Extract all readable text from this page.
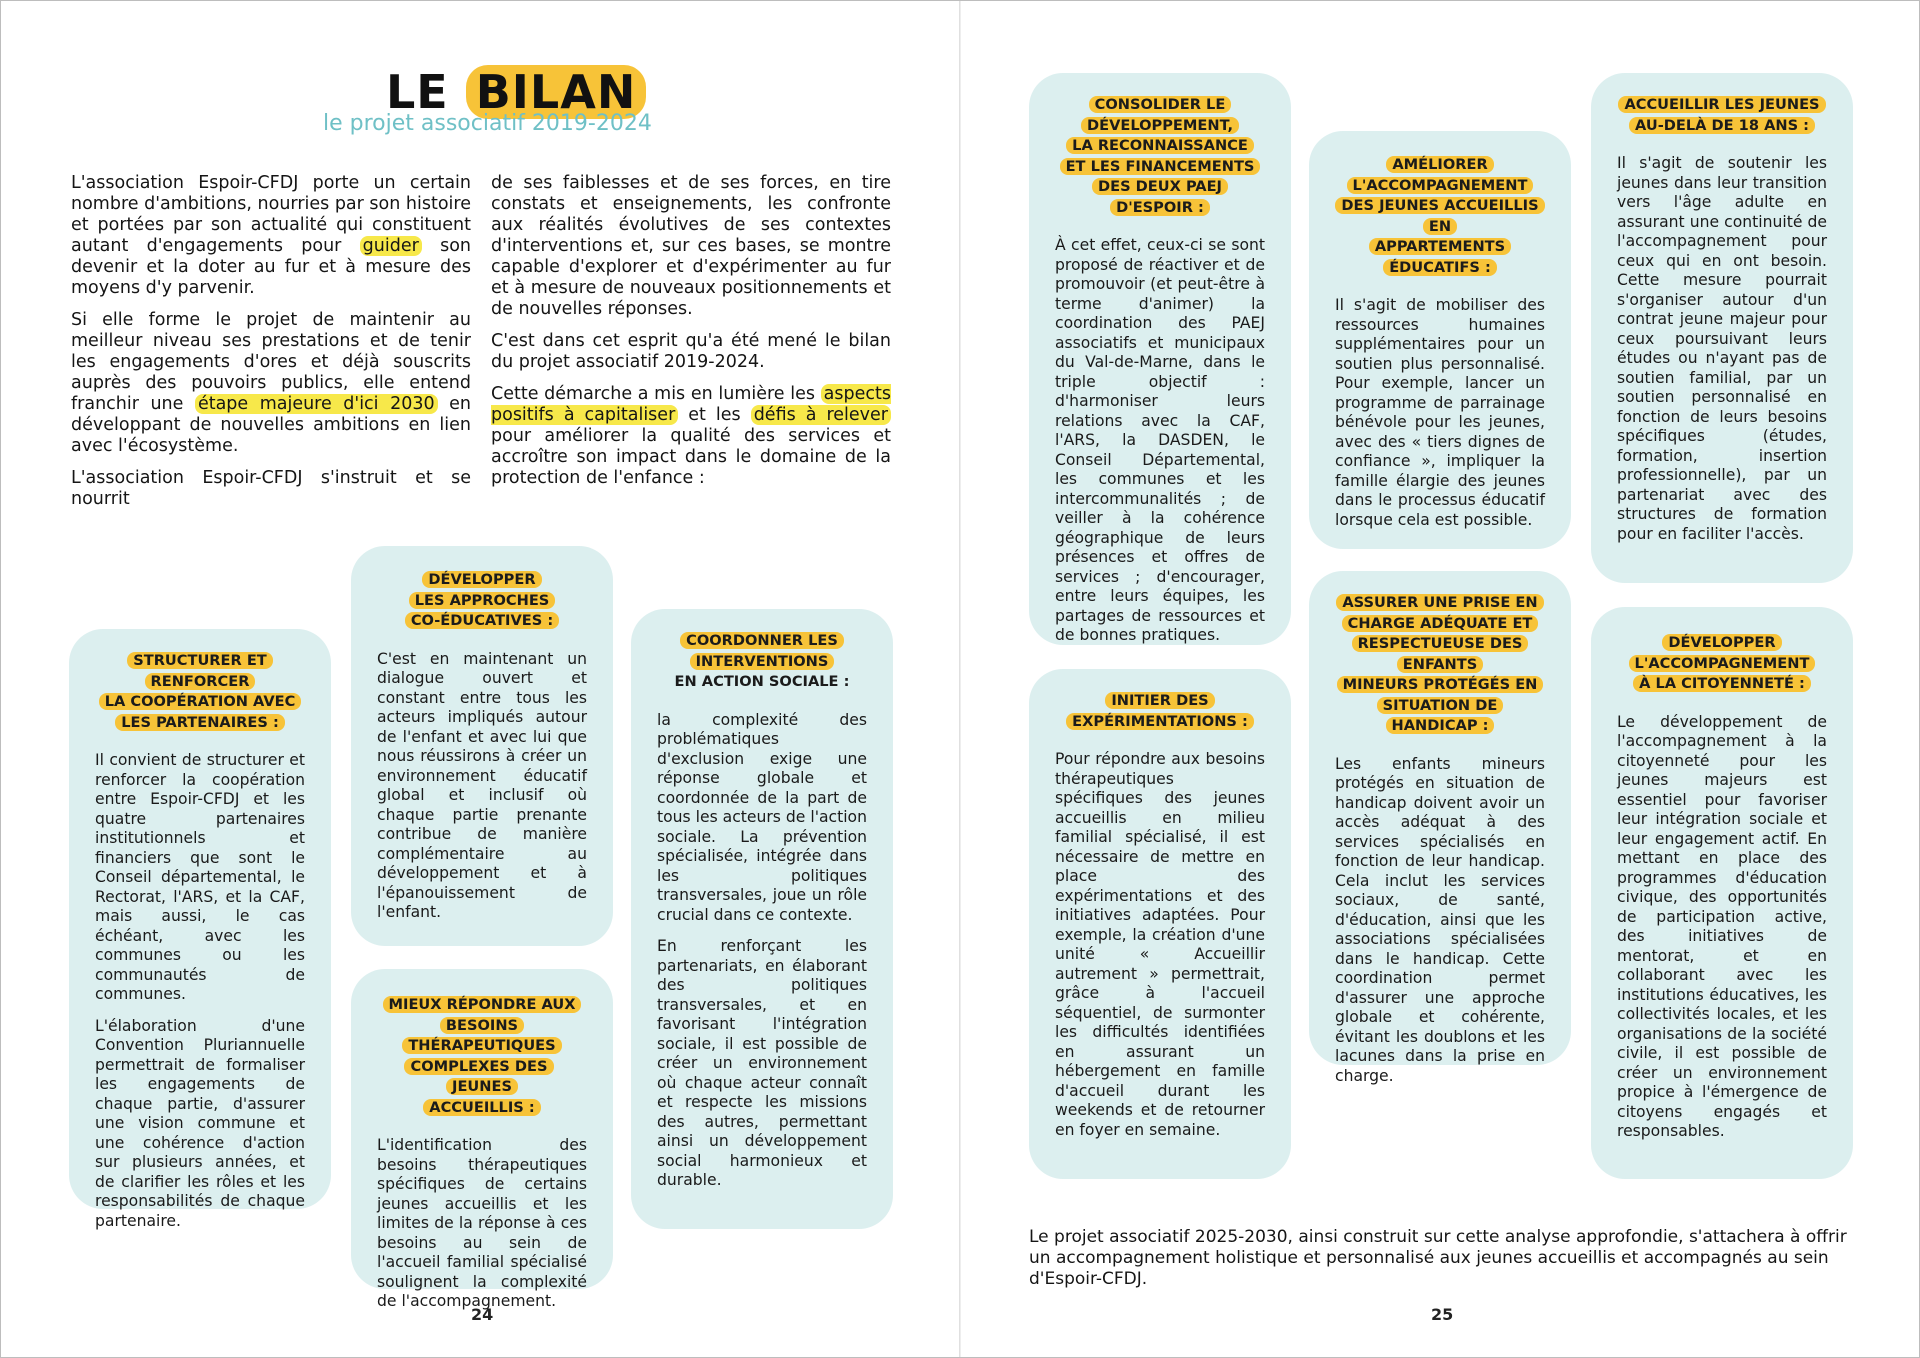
LE BILAN
le projet associatif 2019-2024

L'association Espoir-CFDJ porte un certain nombre d'ambitions, nourries par son histoire et portées par son actualité qui constituent autant d'engagements pour guider son devenir et la doter au fur et à mesure des moyens d'y parvenir.

Si elle forme le projet de maintenir au meilleur niveau ses prestations et de tenir les engagements d'ores et déjà souscrits auprès des pouvoirs publics, elle entend franchir une étape majeure d'ici 2030 en développant de nouvelles ambitions en lien avec l'écosystème.

L'association Espoir-CFDJ s'instruit et se nourrit

de ses faiblesses et de ses forces, en tire constats et enseignements, les confronte aux réalités évolutives de ses contextes d'interventions et, sur ces bases, se montre capable d'explorer et d'expérimenter au fur et à mesure de nouveaux positionnements et de nouvelles réponses.

C'est dans cet esprit qu'a été mené le bilan du projet associatif 2019-2024.

Cette démarche a mis en lumière les aspects positifs à capitaliser et les défis à relever pour améliorer la qualité des services et accroître son impact dans le domaine de la protection de l'enfance :

STRUCTURER ET RENFORCER
LA COOPÉRATION AVEC
LES PARTENAIRES :

Il convient de structurer et renforcer la coopération entre Espoir-CFDJ et les quatre partenaires institutionnels et financiers que sont le Conseil départemental, le Rectorat, l'ARS, et la CAF, mais aussi, le cas échéant, avec les communes ou les communautés de communes.

L'élaboration d'une Convention Pluriannuelle permettrait de formaliser les engagements de chaque partie, d'assurer une vision commune et une cohérence d'action sur plusieurs années, et de clarifier les rôles et les responsabilités de chaque partenaire.

DÉVELOPPER
LES APPROCHES
CO-ÉDUCATIVES :

C'est en maintenant un dialogue ouvert et constant entre tous les acteurs impliqués autour de l'enfant et avec lui que nous réussirons à créer un environnement éducatif global et inclusif où chaque partie prenante contribue de manière complémentaire au développement et à l'épanouissement de l'enfant.

MIEUX RÉPONDRE AUX
BESOINS THÉRAPEUTIQUES
COMPLEXES DES JEUNES
ACCUEILLIS :

L'identification des besoins thérapeutiques spécifiques de certains jeunes accueillis et les limites de la réponse à ces besoins au sein de l'accueil familial spécialisé soulignent la complexité de l'accompagnement.

COORDONNER LES
INTERVENTIONS
EN ACTION SOCIALE :

la complexité des problématiques d'exclusion exige une réponse globale et coordonnée de la part de tous les acteurs de l'action sociale. La prévention spécialisée, intégrée dans les politiques transversales, joue un rôle crucial dans ce contexte.

En renforçant les partenariats, en élaborant des politiques transversales, et en favorisant l'intégration sociale, il est possible de créer un environnement où chaque acteur connaît et respecte les missions des autres, permettant ainsi un développement social harmonieux et durable.

24
CONSOLIDER LE
DÉVELOPPEMENT,
LA RECONNAISSANCE
ET LES FINANCEMENTS
DES DEUX PAEJ D'ESPOIR :

À cet effet, ceux-ci se sont proposé de réactiver et de promouvoir (et peut-être à terme d'animer) la coordination des PAEJ associatifs et municipaux du Val-de-Marne, dans le triple objectif : d'harmoniser leurs relations avec la CAF, l'ARS, la DASDEN, le Conseil Départemental, les communes et les intercommunalités ; de veiller à la cohérence géographique de leurs présences et offres de services ; d'encourager, entre leurs équipes, les partages de ressources et de bonnes pratiques.

AMÉLIORER
L'ACCOMPAGNEMENT
DES JEUNES ACCUEILLIS EN
APPARTEMENTS ÉDUCATIFS :

Il s'agit de mobiliser des ressources humaines supplémentaires pour un soutien plus personnalisé. Pour exemple, lancer un programme de parrainage bénévole pour les jeunes, avec des « tiers dignes de confiance », impliquer la famille élargie des jeunes dans le processus éducatif lorsque cela est possible.

ACCUEILLIR LES JEUNES
AU-DELÀ DE 18 ANS :

Il s'agit de soutenir les jeunes dans leur transition vers l'âge adulte en assurant une continuité de l'accompagnement pour ceux qui en ont besoin. Cette mesure pourrait s'organiser autour d'un contrat jeune majeur pour ceux poursuivant leurs études ou n'ayant pas de soutien familial, par un soutien personnalisé en fonction de leurs besoins spécifiques (études, formation, insertion professionnelle), par un partenariat avec des structures de formation pour en faciliter l'accès.

INITIER DES
EXPÉRIMENTATIONS :

Pour répondre aux besoins thérapeutiques spécifiques des jeunes accueillis en milieu familial spécialisé, il est nécessaire de mettre en place des expérimentations et des initiatives adaptées. Pour exemple, la création d'une unité « Accueillir autrement » permettrait, grâce à l'accueil séquentiel, de surmonter les difficultés identifiées en assurant un hébergement en famille d'accueil durant les weekends et de retourner en foyer en semaine.

ASSURER UNE PRISE EN
CHARGE ADÉQUATE ET
RESPECTUEUSE DES ENFANTS
MINEURS PROTÉGÉS EN
SITUATION DE HANDICAP :

Les enfants mineurs protégés en situation de handicap doivent avoir un accès adéquat à des services spécialisés en fonction de leur handicap. Cela inclut les services sociaux, de santé, d'éducation, ainsi que les associations spécialisées dans le handicap. Cette coordination permet d'assurer une approche globale et cohérente, évitant les doublons et les lacunes dans la prise en charge.

DÉVELOPPER
L'ACCOMPAGNEMENT
À LA CITOYENNETÉ :

Le développement de l'accompagnement à la citoyenneté pour les jeunes majeurs est essentiel pour favoriser leur intégration sociale et leur engagement actif. En mettant en place des programmes d'éducation civique, des opportunités de participation active, des initiatives de mentorat, et en collaborant avec les institutions éducatives, les collectivités locales, et les organisations de la société civile, il est possible de créer un environnement propice à l'émergence de citoyens engagés et responsables.

Le projet associatif 2025-2030, ainsi construit sur cette analyse approfondie, s'attachera à offrir un accompagnement holistique et personnalisé aux jeunes accueillis et accompagnés au sein d'Espoir-CFDJ.
25
